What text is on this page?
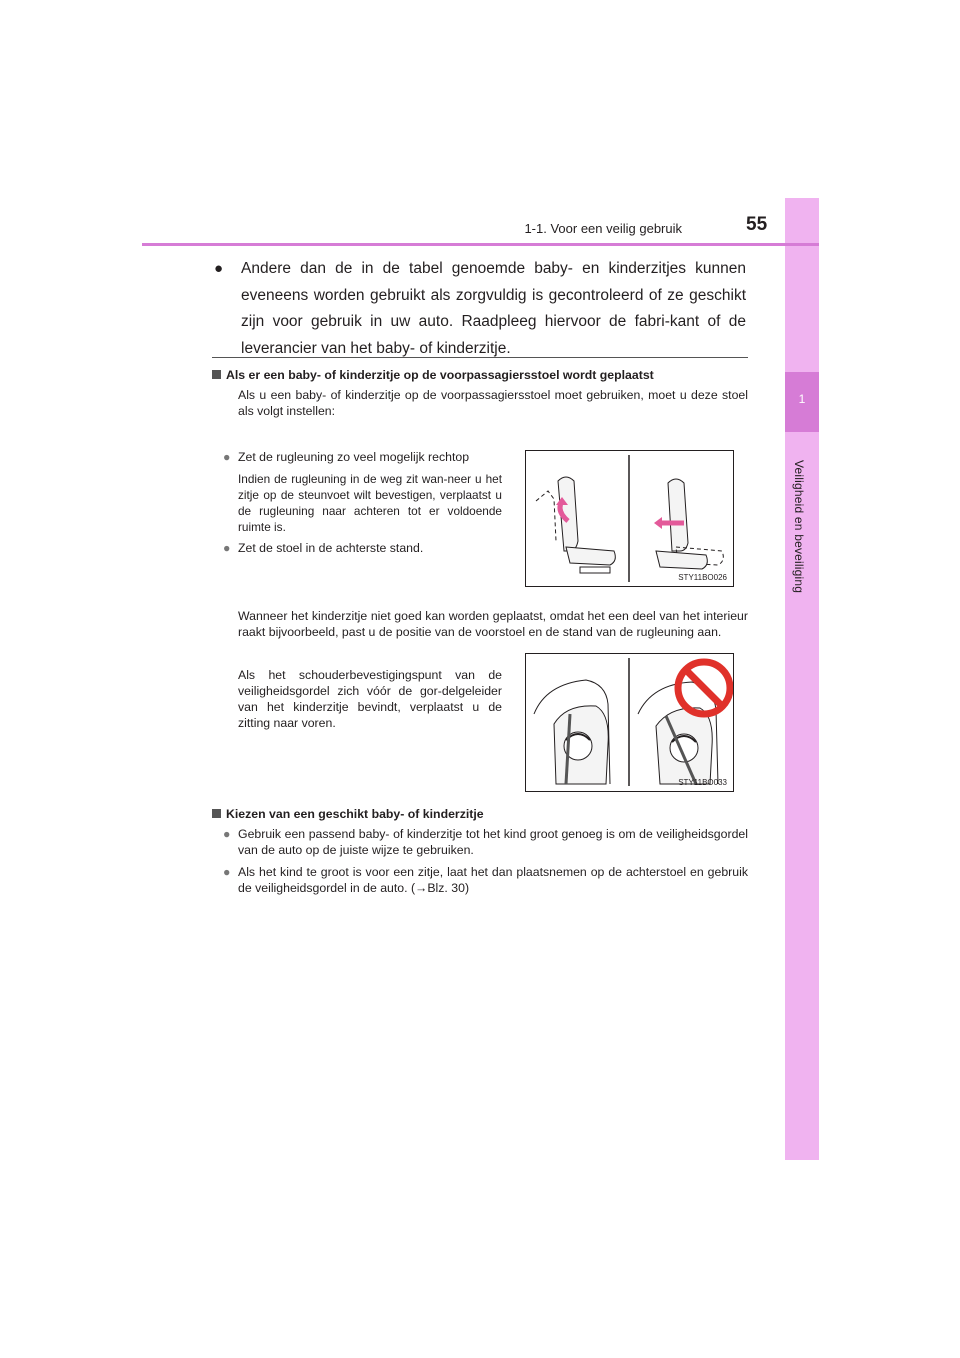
1
Veiligheid en beveiliging
1-1. Voor een veilig gebruik	55
● Andere dan de in de tabel genoemde baby- en kinderzitjes kunnen eveneens worden gebruikt als zorgvuldig is gecontroleerd of ze geschikt zijn voor gebruik in uw auto. Raadpleeg hiervoor de fabri-kant of de leverancier van het baby- of kinderzitje.
Als er een baby- of kinderzitje op de voorpassagiersstoel wordt geplaatst
Als u een baby- of kinderzitje op de voorpassagiersstoel moet gebruiken, moet u deze stoel als volgt instellen:
● Zet de rugleuning zo veel mogelijk rechtop
Indien de rugleuning in de weg zit wan-neer u het zitje op de steunvoet wilt bevestigen, verplaatst u de rugleuning naar achteren tot er voldoende ruimte is.
● Zet de stoel in de achterste stand.
STY11BO026
Wanneer het kinderzitje niet goed kan worden geplaatst, omdat het een deel van het interieur raakt bijvoorbeeld, past u de positie van de voorstoel en de stand van de rugleuning aan.
Als het schouderbevestigingspunt van de veiligheidsgordel zich vóór de gor-delgeleider van het kinderzitje bevindt, verplaatst u de zitting naar voren.
STY11BO033
Kiezen van een geschikt baby- of kinderzitje
● Gebruik een passend baby- of kinderzitje tot het kind groot genoeg is om de veiligheidsgordel van de auto op de juiste wijze te gebruiken.
● Als het kind te groot is voor een zitje, laat het dan plaatsnemen op de achterstoel en gebruik de veiligheidsgordel in de auto. (→Blz. 30)
